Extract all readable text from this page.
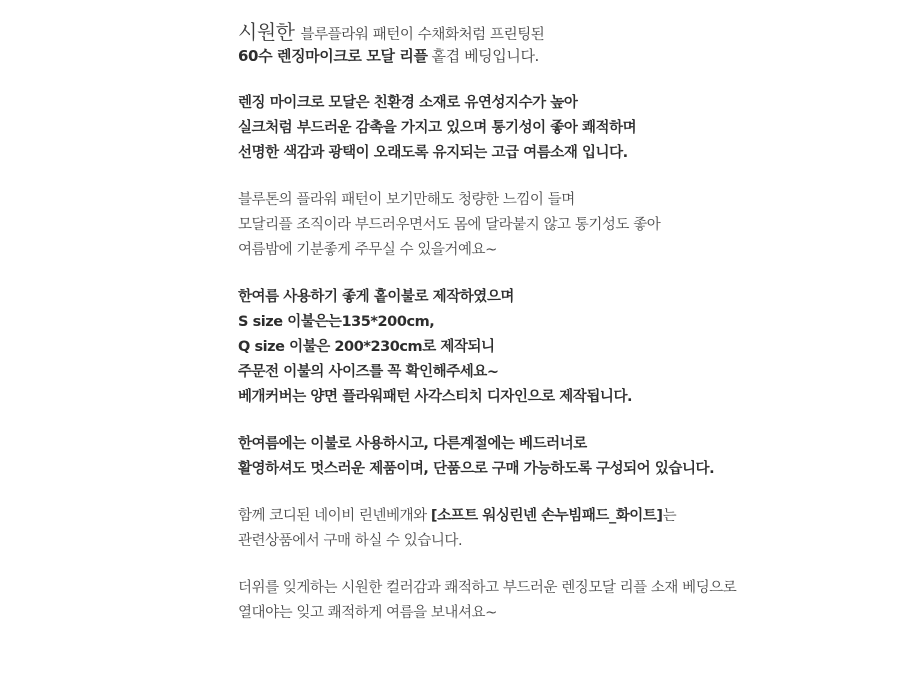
시원한 블루플라워 패턴이 수채화처럼 프린팅된
60수 렌징마이크로 모달 리플 홑겹 베딩입니다.
렌징 마이크로 모달은 친환경 소재로 유연성지수가 높아
실크처럼 부드러운 감촉을 가지고 있으며 통기성이 좋아 쾌적하며
선명한 색감과 광택이 오래도록 유지되는 고급 여름소재 입니다.
블루톤의 플라워 패턴이 보기만해도 청량한 느낌이 들며
모달리플 조직이라 부드러우면서도 몸에 달라붙지 않고 통기성도 좋아
여름밤에 기분좋게 주무실 수 있을거예요~
한여름 사용하기 좋게 홑이불로 제작하였으며
S size 이불은는135*200cm,
Q size 이불은 200*230cm로 제작되니
주문전 이불의 사이즈를 꼭 확인해주세요~
베개커버는 양면 플라워패턴 사각스티치 디자인으로 제작됩니다.
한여름에는 이불로 사용하시고, 다른계절에는 베드러너로
활영하셔도 멋스러운 제품이며, 단품으로 구매 가능하도록 구성되어 있습니다.
함께 코디된 네이비 린넨베개와 [소프트 워싱린넨 손누빔패드_화이트]는
관련상품에서 구매 하실 수 있습니다.
더위를 잊게하는 시원한 컬러감과 쾌적하고 부드러운 렌징모달 리플 소재 베딩으로
열대야는 잊고 쾌적하게 여름을 보내셔요~
